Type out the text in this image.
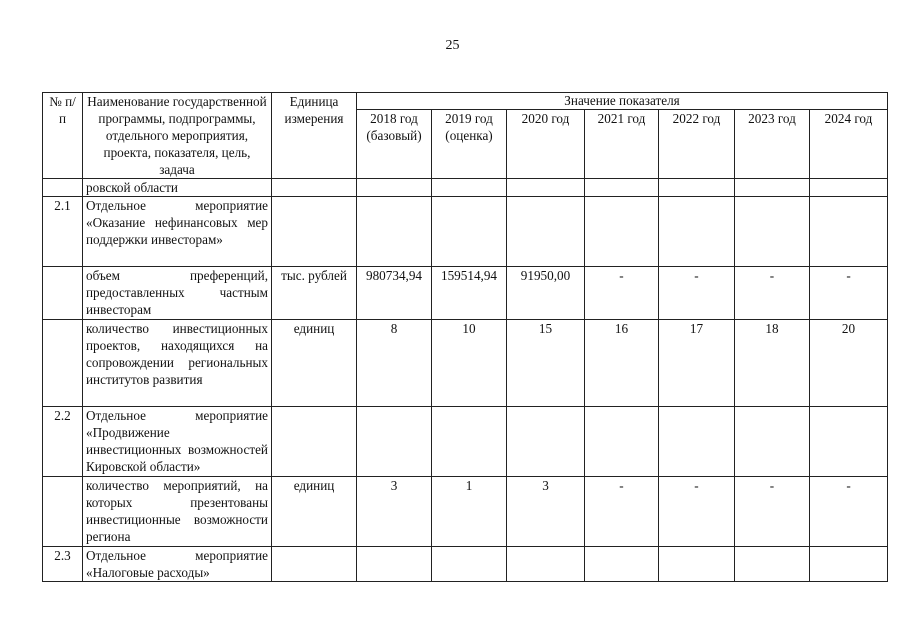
25
№ п/п	Наименование государственной программы, подпрограммы, отдельного мероприятия, проекта, показателя, цель, задача	Единица измерения	Значение показателя						
			2018 год (базовый)	2019 год (оценка)	2020 год	2021 год	2022 год	2023 год	2024 год
	ровской области								
2.1	Отдельное мероприятие «Оказание нефинансовых мер поддержки инвесторам»								
	объем преференций, предоставленных частным инвесторам	тыс. рублей	980734,94	159514,94	91950,00	-	-	-	-
	количество инвестиционных проектов, находящихся на сопровождении региональных институтов развития	единиц	8	10	15	16	17	18	20
2.2	Отдельное мероприятие «Продвижение инвестиционных возможностей Кировской области»								
	количество мероприятий, на которых презентованы инвестиционные возможности региона	единиц	3	1	3	-	-	-	-
2.3	Отдельное мероприятие «Налоговые расходы»								
